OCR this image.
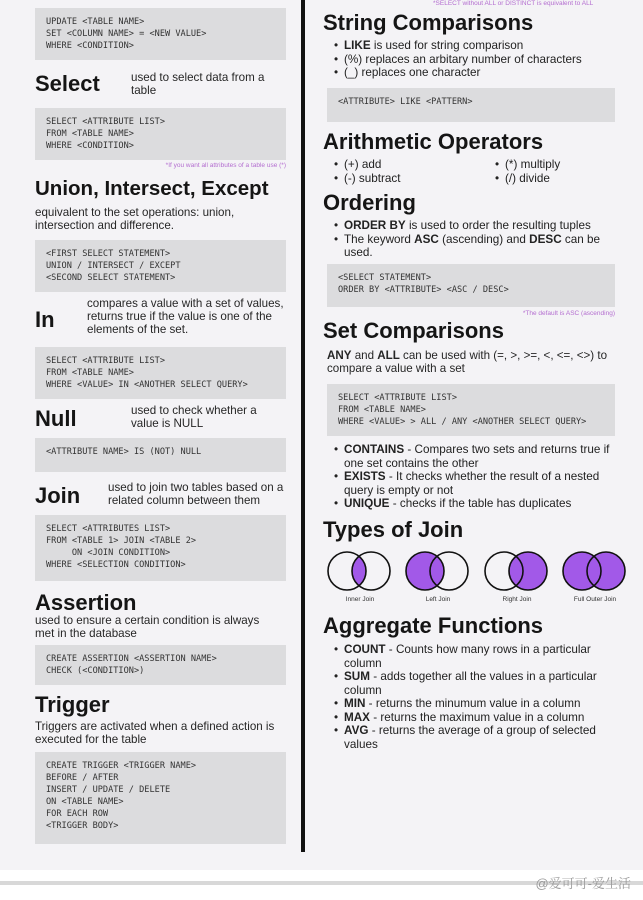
UPDATE <TABLE NAME>
SET <COLUMN NAME> = <NEW VALUE>
WHERE <CONDITION>
Select	used to select data from a table
SELECT <ATTRIBUTE LIST>
FROM <TABLE NAME>
WHERE <CONDITION>
*If you want all attributes of a table use (*)
Union, Intersect, Except
equivalent to the set operations: union, intersection and difference.
<FIRST SELECT STATEMENT>
UNION / INTERSECT / EXCEPT
<SECOND SELECT STATEMENT>
In
compares a value with a set of values, returns true if the value is one of the elements of the set.
SELECT <ATTRIBUTE LIST>
FROM <TABLE NAME>
WHERE <VALUE> IN <ANOTHER SELECT QUERY>
Null	used to check whether a value is NULL
<ATTRIBUTE NAME> IS (NOT) NULL
Join used to join two tables based on a related column between them
SELECT <ATTRIBUTES LIST>
FROM <TABLE 1> JOIN <TABLE 2>
ON <JOIN CONDITION>
WHERE <SELECTION CONDITION>
Assertion
used to ensure a certain condition is always met in the database
CREATE ASSERTION <ASSERTION NAME>
CHECK (<CONDITION>)
Trigger
Triggers are activated when a defined action is executed for the table
CREATE TRIGGER <TRIGGER NAME>
BEFORE / AFTER
INSERT / UPDATE / DELETE
ON <TABLE NAME>
FOR EACH ROW
<TRIGGER BODY>
*SELECT without ALL or DISTINCT is equivalent to ALL
String Comparisons
• LIKE is used for string comparison
• (%) replaces an arbitary number of characters
• (_) replaces one character
<ATTRIBUTE> LIKE <PATTERN>
Arithmetic Operators
• (+) add
• (-) subtract
• (*) multiply
• (/) divide
Ordering
• ORDER BY is used to order the resulting tuples
• The keyword ASC (ascending) and DESC can be used.
<SELECT STATEMENT>
ORDER BY <ATTRIBUTE> <ASC / DESC>
*The default is ASC (ascending)
Set Comparisons
ANY and ALL can be used with (=, >, >=, <, <=, <>) to compare a value with a set
SELECT <ATTRIBUTE LIST>
FROM <TABLE NAME>
WHERE <VALUE> > ALL / ANY <ANOTHER SELECT QUERY>
• CONTAINS - Compares two sets and returns true if one set contains the other
• EXISTS - It checks whether the result of a nested query is empty or not
• UNIQUE - checks if the table has duplicates
Types of Join
Inner Join	Left Join	Right Join	Full Outer Join
Aggregate Functions
• COUNT - Counts how many rows in a particular column
• SUM - adds together all the values in a particular column
• MIN - returns the minumum value in a column
• MAX - returns the maximum value in a column
• AVG - returns the average of a group of selected values
@爱可可-爱生活
